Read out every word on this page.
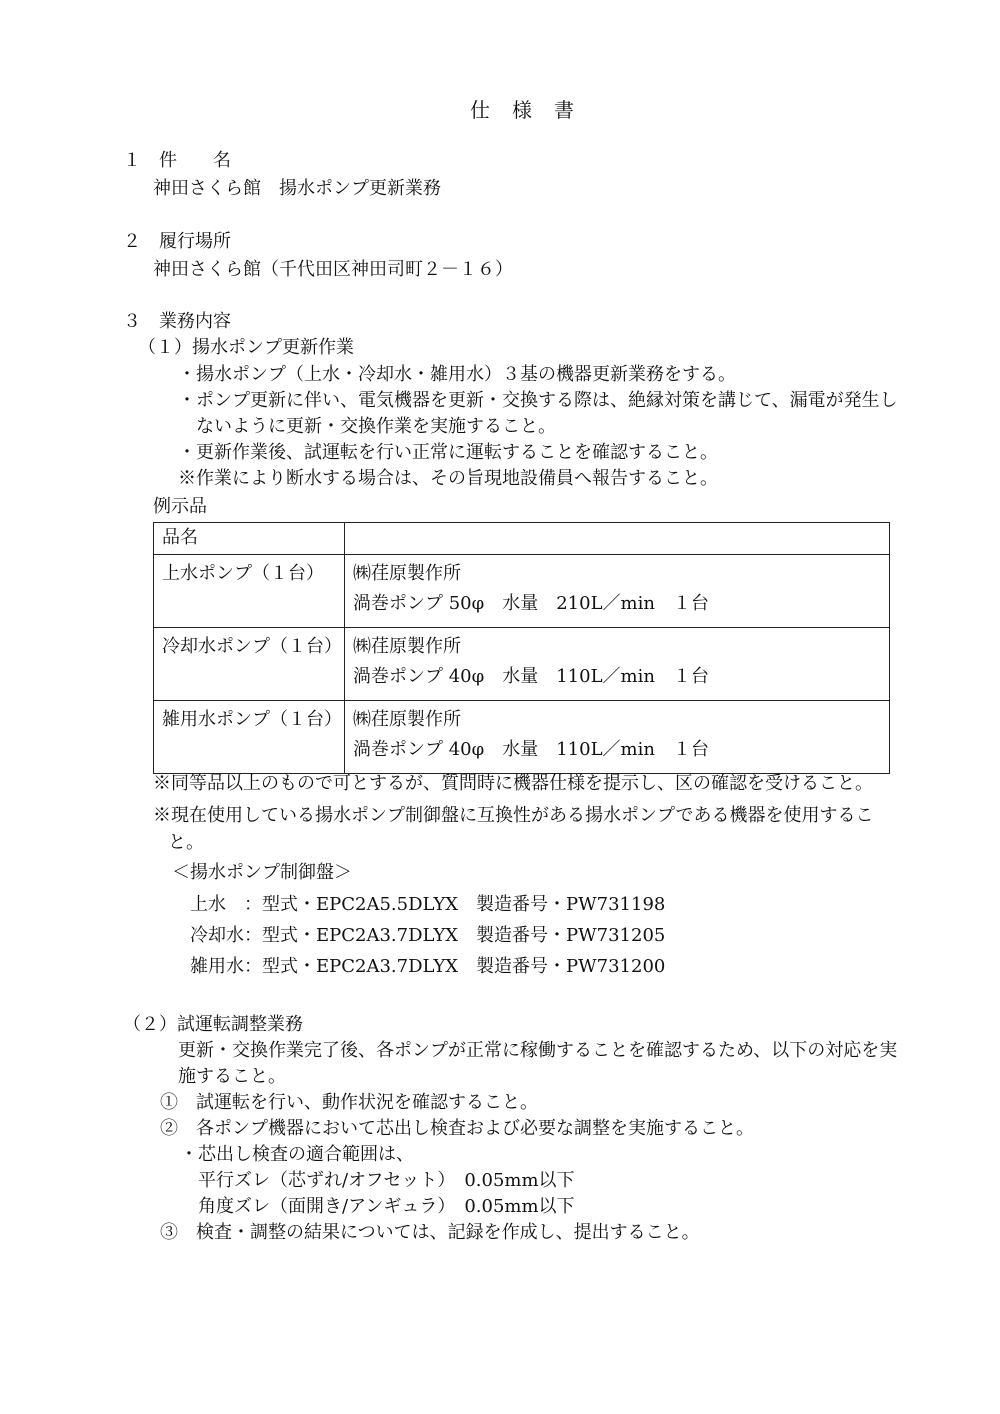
仕　様　書
１　件　　名
神田さくら館　揚水ポンプ更新業務
２　履行場所
神田さくら館（千代田区神田司町２－１６）
３　業務内容
（１）揚水ポンプ更新作業
・揚水ポンプ（上水・冷却水・雑用水）３基の機器更新業務をする。
・ポンプ更新に伴い、電気機器を更新・交換する際は、絶縁対策を講じて、漏電が発生し
ないように更新・交換作業を実施すること。
・更新作業後、試運転を行い正常に運転することを確認すること。
※作業により断水する場合は、その旨現地設備員へ報告すること。
例示品
品名	
上水ポンプ（１台）	㈱荏原製作所
渦巻ポンプ 50φ　水量　210L／min　１台

冷却水ポンプ（１台）	㈱荏原製作所
渦巻ポンプ 40φ　水量　110L／min　１台

雑用水ポンプ（１台）	㈱荏原製作所
渦巻ポンプ 40φ　水量　110L／min　１台
※同等品以上のもので可とするが、質問時に機器仕様を提示し、区の確認を受けること。
※現在使用している揚水ポンプ制御盤に互換性がある揚水ポンプである機器を使用するこ
と。
＜揚水ポンプ制御盤＞
上水　：型式・EPC2A5.5DLYX　製造番号・PW731198
冷却水：型式・EPC2A3.7DLYX　製造番号・PW731205
雑用水：型式・EPC2A3.7DLYX　製造番号・PW731200
（２）試運転調整業務
更新・交換作業完了後、各ポンプが正常に稼働することを確認するため、以下の対応を実
施すること。
①　試運転を行い、動作状況を確認すること。
②　各ポンプ機器において芯出し検査および必要な調整を実施すること。
・芯出し検査の適合範囲は、
平行ズレ（芯ずれ/オフセット）　0.05mm以下
角度ズレ（面開き/アンギュラ）　0.05mm以下
③　検査・調整の結果については、記録を作成し、提出すること。
